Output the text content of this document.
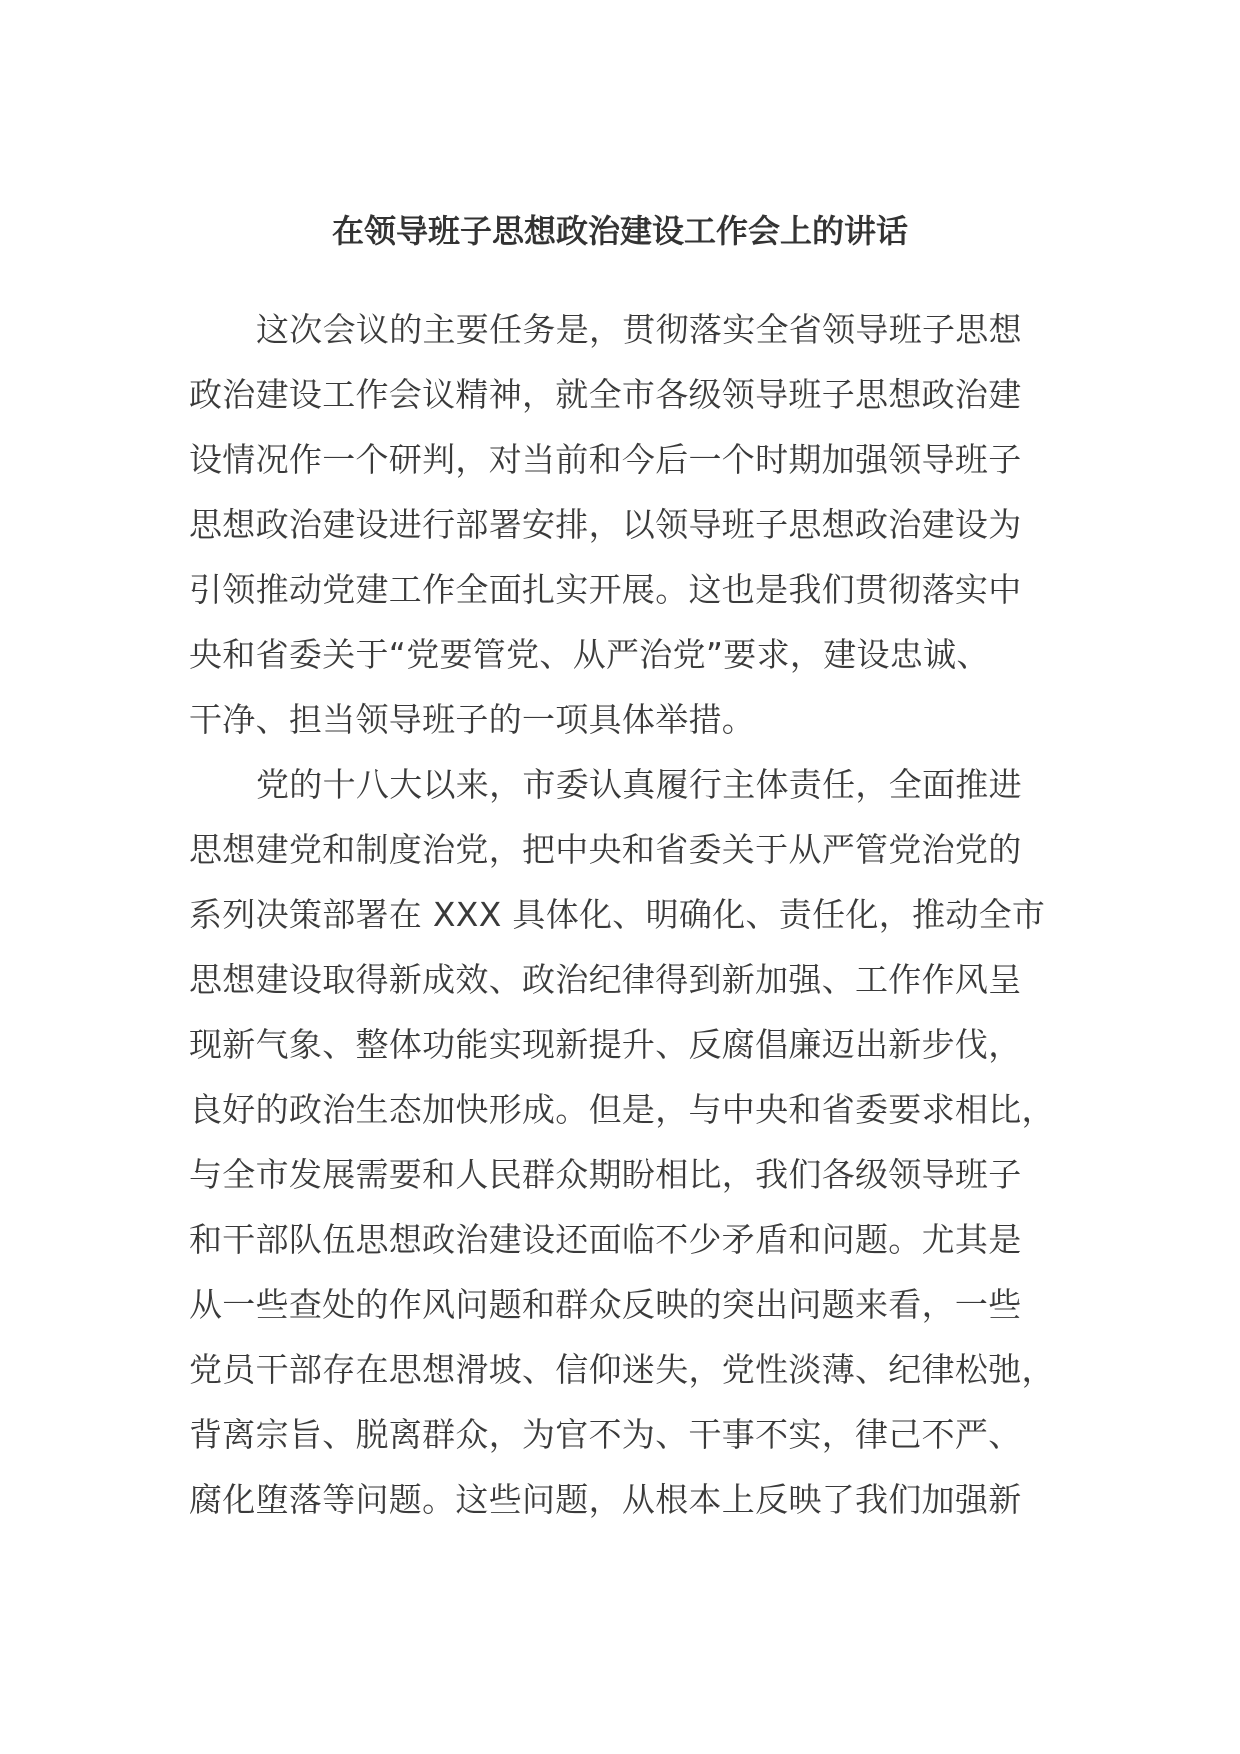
在领导班子思想政治建设工作会上的讲话
这次会议的主要任务是，贯彻落实全省领导班子思想
政治建设工作会议精神，就全市各级领导班子思想政治建
设情况作一个研判，对当前和今后一个时期加强领导班子
思想政治建设进行部署安排，以领导班子思想政治建设为
引领推动党建工作全面扎实开展。这也是我们贯彻落实中
央和省委关于“党要管党、从严治党”要求，建设忠诚、
干净、担当领导班子的一项具体举措。
党的十八大以来，市委认真履行主体责任，全面推进
思想建党和制度治党，把中央和省委关于从严管党治党的
系列决策部署在 XXX 具体化、明确化、责任化，推动全市
思想建设取得新成效、政治纪律得到新加强、工作作风呈
现新气象、整体功能实现新提升、反腐倡廉迈出新步伐，
良好的政治生态加快形成。但是，与中央和省委要求相比，
与全市发展需要和人民群众期盼相比，我们各级领导班子
和干部队伍思想政治建设还面临不少矛盾和问题。尤其是
从一些查处的作风问题和群众反映的突出问题来看，一些
党员干部存在思想滑坡、信仰迷失，党性淡薄、纪律松弛，
背离宗旨、脱离群众，为官不为、干事不实，律己不严、
腐化堕落等问题。这些问题，从根本上反映了我们加强新
